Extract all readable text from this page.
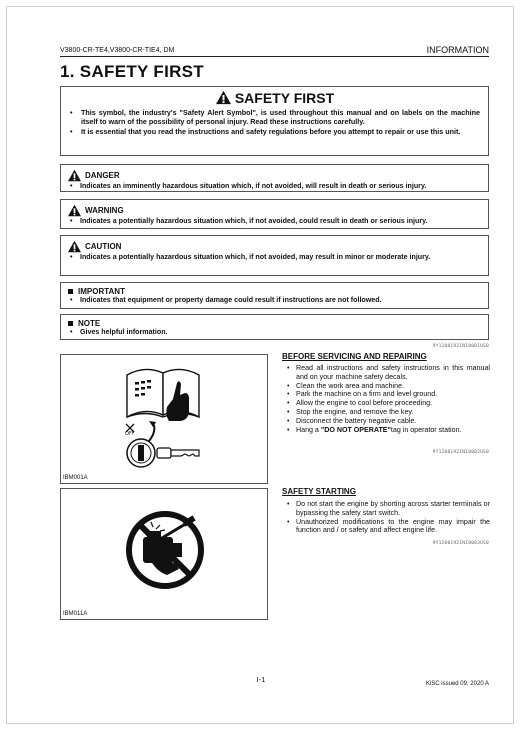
V3800-CR-TE4,V3800-CR-TIE4, DM	INFORMATION
1. SAFETY FIRST
SAFETY FIRST
• This symbol, the industry's "Safety Alert Symbol", is used throughout this manual and on labels on the machine itself to warn of the possibility of personal injury. Read these instructions carefully.
• It is essential that you read the instructions and safety regulations before you attempt to repair or use this unit.
DANGER
• Indicates an imminently hazardous situation which, if not avoided, will result in death or serious injury.
WARNING
• Indicates a potentially hazardous situation which, if not avoided, could result in death or serious injury.
CAUTION
• Indicates a potentially hazardous situation which, if not avoided, may result in minor or moderate injury.
IMPORTANT
• Indicates that equipment or property damage could result if instructions are not followed.
NOTE
• Gives helpful information.
9Y1200192INI0001US0
OFF
IBM001A
IBM011A
BEFORE SERVICING AND REPAIRING
• Read all instructions and safety instructions in this manual and on your machine safety decals.
• Clean the work area and machine.
• Park the machine on a firm and level ground.
• Allow the engine to cool before proceeding.
• Stop the engine, and remove the key.
• Disconnect the battery negative cable.
• Hang a "DO NOT OPERATE"tag in operator station.
9Y1200192INI0002US0
SAFETY STARTING
• Do not start the engine by shorting across starter terminals or bypassing the safety start switch.
• Unauthorized modifications to the engine may impair the function and / or safety and affect engine life.
9Y1200192INI0003US0
I-1	KiSC issued 09, 2020 A
